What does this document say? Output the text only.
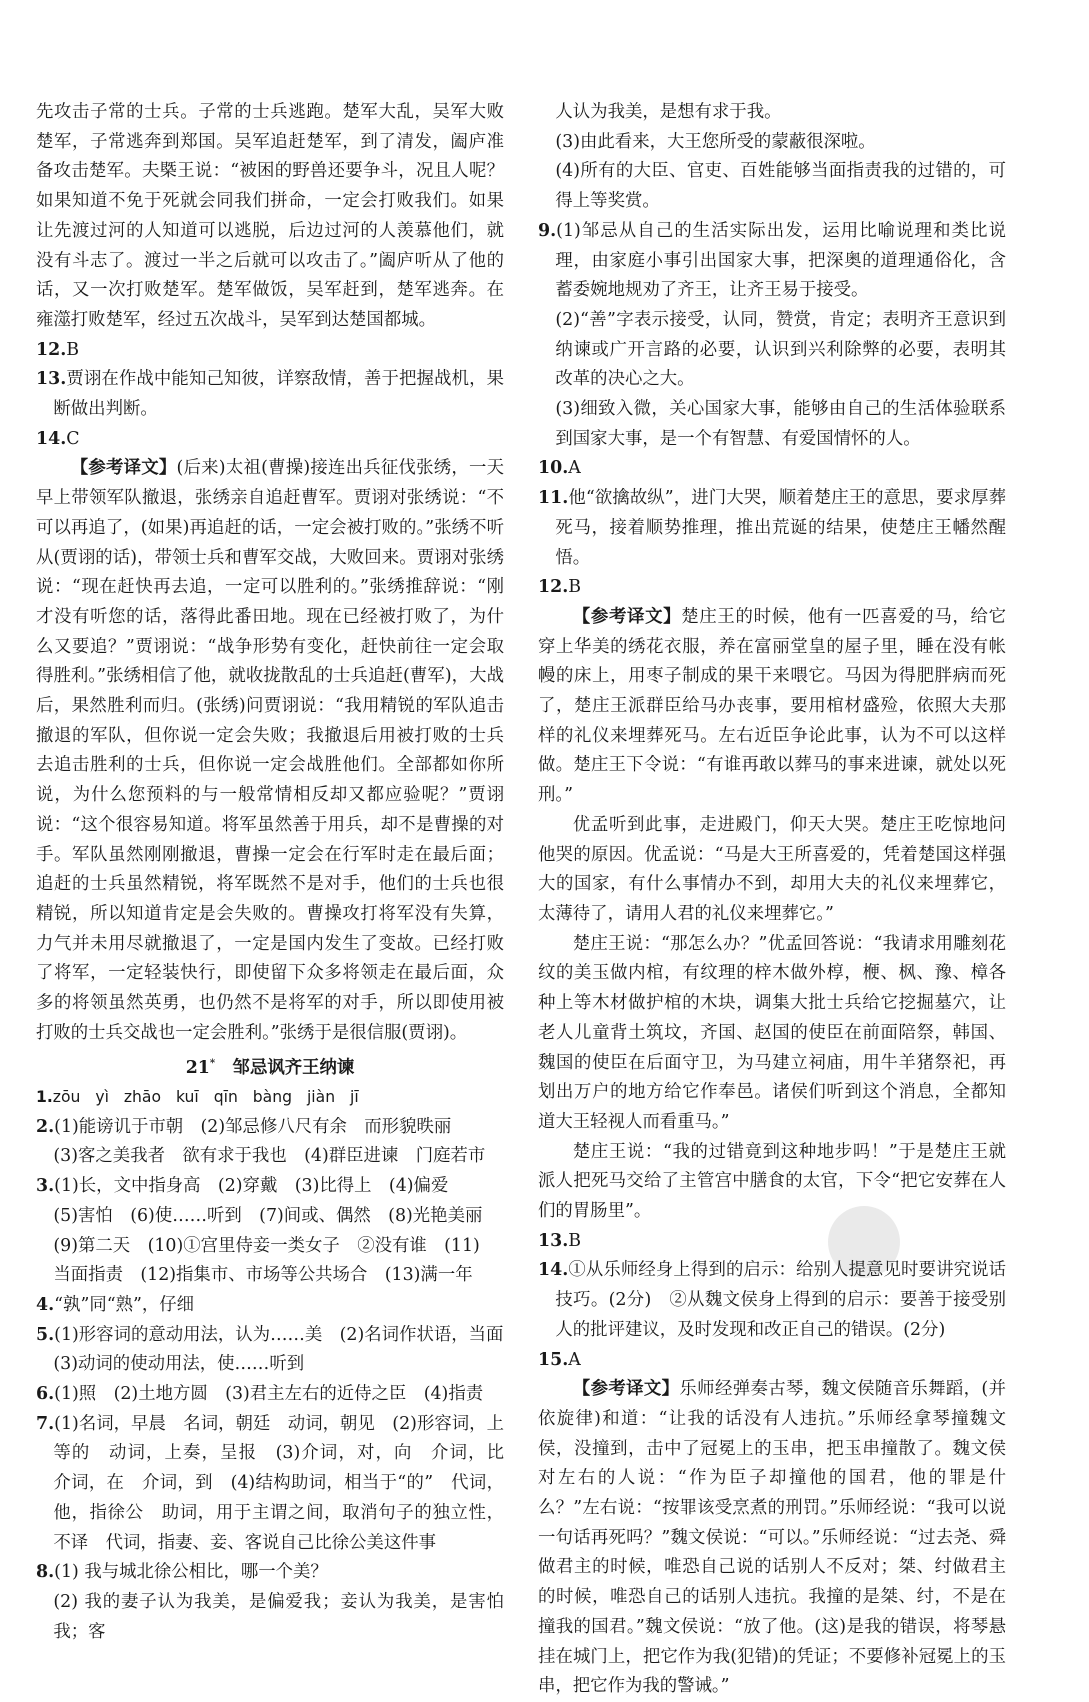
先攻击子常的士兵。子常的士兵逃跑。楚军大乱，吴军大败楚军，子常逃奔到郑国。吴军追赶楚军，到了清发，阖庐准备攻击楚军。夫槩王说：“被困的野兽还要争斗，况且人呢？如果知道不免于死就会同我们拼命，一定会打败我们。如果让先渡过河的人知道可以逃脱，后边过河的人羡慕他们，就没有斗志了。渡过一半之后就可以攻击了。”阖庐听从了他的话，又一次打败楚军。楚军做饭，吴军赶到，楚军逃奔。在雍澨打败楚军，经过五次战斗，吴军到达楚国都城。

12.B

13.贾诩在作战中能知己知彼，详察敌情，善于把握战机，果断做出判断。

14.C

【参考译文】(后来)太祖(曹操)接连出兵征伐张绣，一天早上带领军队撤退，张绣亲自追赶曹军。贾诩对张绣说：“不可以再追了，(如果)再追赶的话，一定会被打败的。”张绣不听从(贾诩的话)，带领士兵和曹军交战，大败回来。贾诩对张绣说：“现在赶快再去追，一定可以胜利的。”张绣推辞说：“刚才没有听您的话，落得此番田地。现在已经被打败了，为什么又要追？”贾诩说：“战争形势有变化，赶快前往一定会取得胜利。”张绣相信了他，就收拢散乱的士兵追赶(曹军)，大战后，果然胜利而归。(张绣)问贾诩说：“我用精锐的军队追击撤退的军队，但你说一定会失败；我撤退后用被打败的士兵去追击胜利的士兵，但你说一定会战胜他们。全部都如你所说，为什么您预料的与一般常情相反却又都应验呢？”贾诩说：“这个很容易知道。将军虽然善于用兵，却不是曹操的对手。军队虽然刚刚撤退，曹操一定会在行军时走在最后面；追赶的士兵虽然精锐，将军既然不是对手，他们的士兵也很精锐，所以知道肯定是会失败的。曹操攻打将军没有失算，力气并未用尽就撤退了，一定是国内发生了变故。已经打败了将军，一定轻装快行，即使留下众多将领走在最后面，众多的将领虽然英勇，也仍然不是将军的对手，所以即使用被打败的士兵交战也一定会胜利。”张绣于是很信服(贾诩)。

21*　 邹忌讽齐王纳谏

1.zōu yì zhāo kuī qīn bàng jiàn jī

2.(1)能谤讥于市朝　(2)邹忌修八尺有余　而形貌昳丽

(3)客之美我者　欲有求于我也　(4)群臣进谏　门庭若市

3.(1)长，文中指身高　(2)穿戴　(3)比得上　(4)偏爱

(5)害怕　(6)使……听到　(7)间或、偶然　(8)光艳美丽

(9)第二天　(10)①宫里侍妾一类女子　②没有谁　(11)

当面指责　(12)指集市、市场等公共场合　(13)满一年

4.“孰”同“熟”，仔细

5.(1)形容词的意动用法，认为……美　(2)名词作状语，当面

(3)动词的使动用法，使……听到

6.(1)照　(2)土地方圆　(3)君主左右的近侍之臣　(4)指责

7.(1)名词，早晨　名词，朝廷　动词，朝见　(2)形容词，上等的　动词，上奏，呈报　(3)介词，对，向　介词，比　介词，在　介词，到　(4)结构助词，相当于“的”　代词，他，指徐公　助词，用于主谓之间，取消句子的独立性，不译　代词，指妻、妾、客说自己比徐公美这件事

8.(1) 我与城北徐公相比，哪一个美？

(2) 我的妻子认为我美，是偏爱我；妾认为我美，是害怕我；客

人认为我美，是想有求于我。

(3)由此看来，大王您所受的蒙蔽很深啦。

(4)所有的大臣、官吏、百姓能够当面指责我的过错的，可得上等奖赏。

9.(1)邹忌从自己的生活实际出发，运用比喻说理和类比说理，由家庭小事引出国家大事，把深奥的道理通俗化，含蓄委婉地规劝了齐王，让齐王易于接受。

(2)“善”字表示接受，认同，赞赏，肯定；表明齐王意识到纳谏或广开言路的必要，认识到兴利除弊的必要，表明其改革的决心之大。

(3)细致入微，关心国家大事，能够由自己的生活体验联系到国家大事，是一个有智慧、有爱国情怀的人。

10.A

11.他“欲擒故纵”，进门大哭，顺着楚庄王的意思，要求厚葬死马，接着顺势推理，推出荒诞的结果，使楚庄王幡然醒悟。

12.B

【参考译文】楚庄王的时候，他有一匹喜爱的马，给它穿上华美的绣花衣服，养在富丽堂皇的屋子里，睡在没有帐幔的床上，用枣子制成的果干来喂它。马因为得肥胖病而死了，楚庄王派群臣给马办丧事，要用棺材盛殓，依照大夫那样的礼仪来埋葬死马。左右近臣争论此事，认为不可以这样做。楚庄王下令说：“有谁再敢以葬马的事来进谏，就处以死刑。”

优孟听到此事，走进殿门，仰天大哭。楚庄王吃惊地问他哭的原因。优孟说：“马是大王所喜爱的，凭着楚国这样强大的国家，有什么事情办不到，却用大夫的礼仪来埋葬它，太薄待了，请用人君的礼仪来埋葬它。”

楚庄王说：“那怎么办？”优孟回答说：“我请求用雕刻花纹的美玉做内棺，有纹理的梓木做外椁，楩、枫、豫、樟各种上等木材做护棺的木块，调集大批士兵给它挖掘墓穴，让老人儿童背土筑坟，齐国、赵国的使臣在前面陪祭，韩国、魏国的使臣在后面守卫，为马建立祠庙，用牛羊猪祭祀，再划出万户的地方给它作奉邑。诸侯们听到这个消息，全都知道大王轻视人而看重马。”

楚庄王说：“我的过错竟到这种地步吗！”于是楚庄王就派人把死马交给了主管宫中膳食的太官，下令“把它安葬在人们的胃肠里”。

13.B

14.①从乐师经身上得到的启示：给别人提意见时要讲究说话技巧。(2分)　②从魏文侯身上得到的启示：要善于接受别人的批评建议，及时发现和改正自己的错误。(2分)

15.A

【参考译文】乐师经弹奏古琴，魏文侯随音乐舞蹈，(并依旋律)和道：“让我的话没有人违抗。”乐师经拿琴撞魏文侯，没撞到，击中了冠冕上的玉串，把玉串撞散了。魏文侯对左右的人说：“作为臣子却撞他的国君，他的罪是什么？”左右说：“按罪该受烹煮的刑罚。”乐师经说：“我可以说一句话再死吗？”魏文侯说：“可以。”乐师经说：“过去尧、舜做君主的时候，唯恐自己说的话别人不反对；桀、纣做君主的时候，唯恐自己的话别人违抗。我撞的是桀、纣，不是在撞我的国君。”魏文侯说：“放了他。(这)是我的错误，将琴悬挂在城门上，把它作为我(犯错)的凭证；不要修补冠冕上的玉串，把它作为我的警诫。”
